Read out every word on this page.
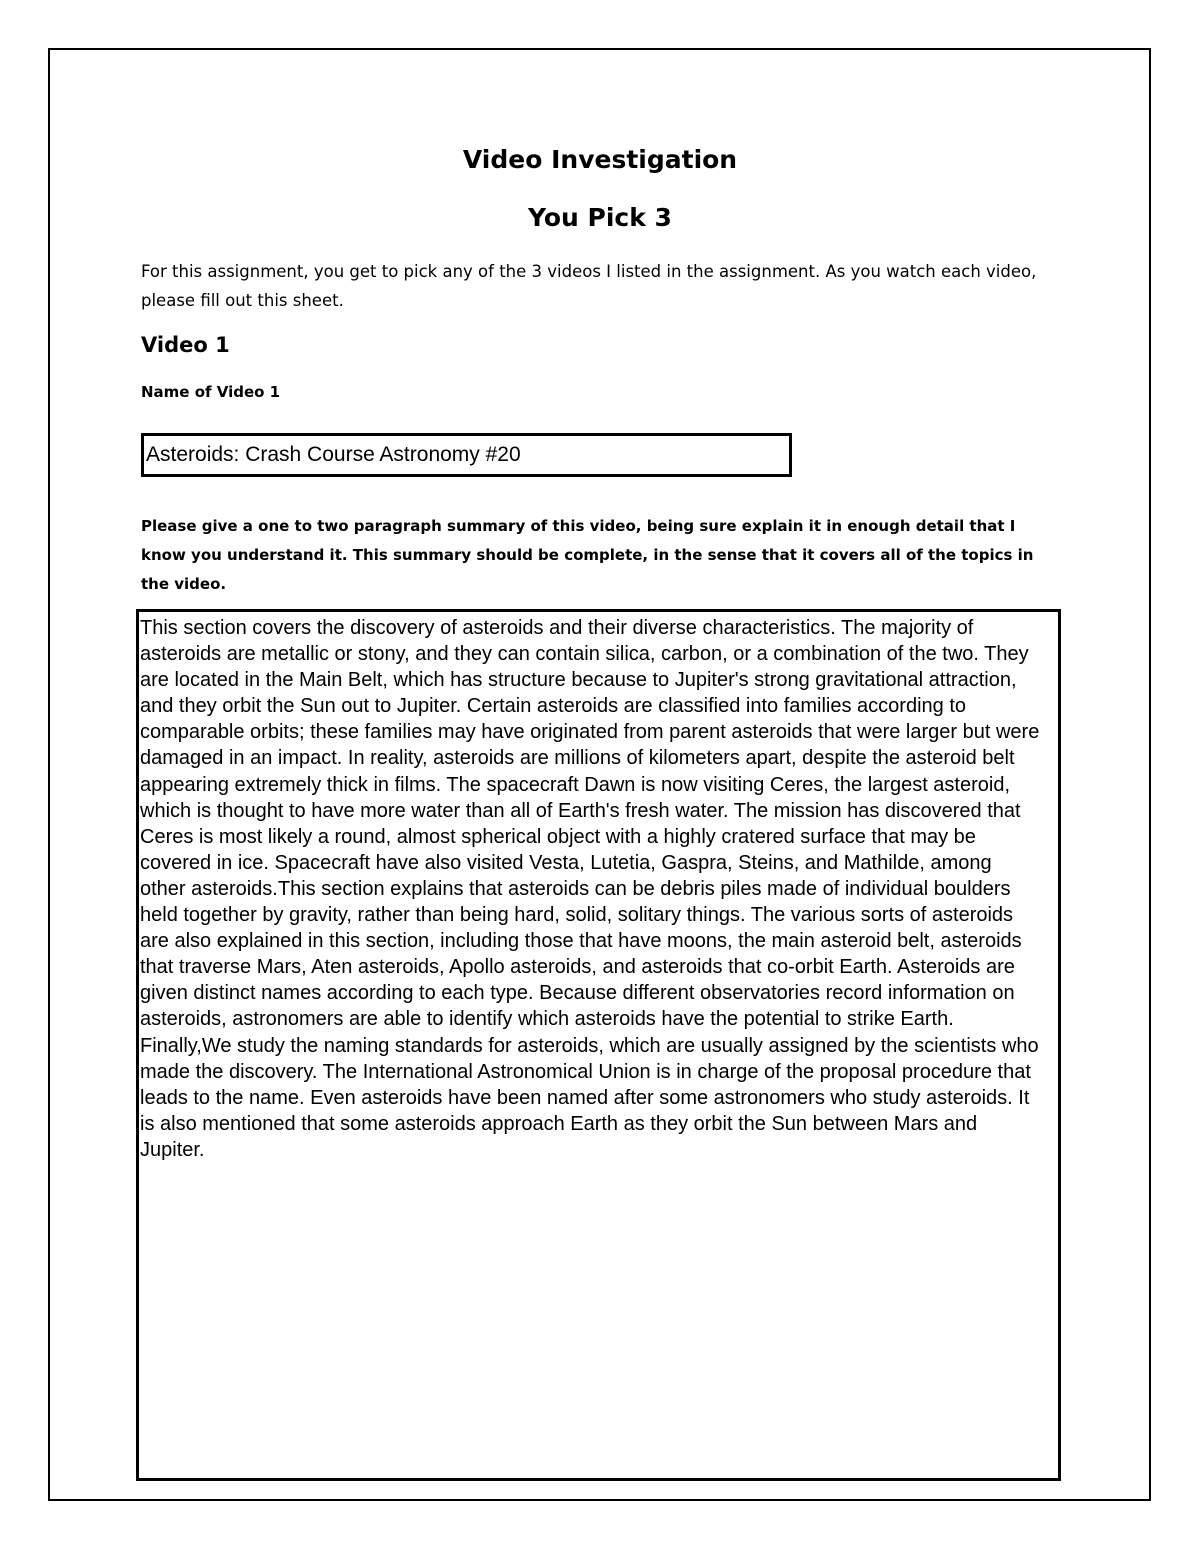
Video Investigation
You Pick 3

For this assignment, you get to pick any of the 3 videos I listed in the assignment. As you watch each video, please fill out this sheet.

Video 1

Name of Video 1

Asteroids: Crash Course Astronomy #20

Please give a one to two paragraph summary of this video, being sure explain it in enough detail that I know you understand it. This summary should be complete, in the sense that it covers all of the topics in the video.

This section covers the discovery of asteroids and their diverse characteristics. The majority of asteroids are metallic or stony, and they can contain silica, carbon, or a combination of the two. They are located in the Main Belt, which has structure because to Jupiter's strong gravitational attraction, and they orbit the Sun out to Jupiter. Certain asteroids are classified into families according to comparable orbits; these families may have originated from parent asteroids that were larger but were damaged in an impact. In reality, asteroids are millions of kilometers apart, despite the asteroid belt appearing extremely thick in films. The spacecraft Dawn is now visiting Ceres, the largest asteroid, which is thought to have more water than all of Earth's fresh water. The mission has discovered that Ceres is most likely a round, almost spherical object with a highly cratered surface that may be covered in ice. Spacecraft have also visited Vesta, Lutetia, Gaspra, Steins, and Mathilde, among other asteroids.This section explains that asteroids can be debris piles made of individual boulders held together by gravity, rather than being hard, solid, solitary things. The various sorts of asteroids are also explained in this section, including those that have moons, the main asteroid belt, asteroids that traverse Mars, Aten asteroids, Apollo asteroids, and asteroids that co-orbit Earth. Asteroids are given distinct names according to each type. Because different observatories record information on asteroids, astronomers are able to identify which asteroids have the potential to strike Earth. Finally,We study the naming standards for asteroids, which are usually assigned by the scientists who made the discovery. The International Astronomical Union is in charge of the proposal procedure that leads to the name. Even asteroids have been named after some astronomers who study asteroids. It is also mentioned that some asteroids approach Earth as they orbit the Sun between Mars and Jupiter.
